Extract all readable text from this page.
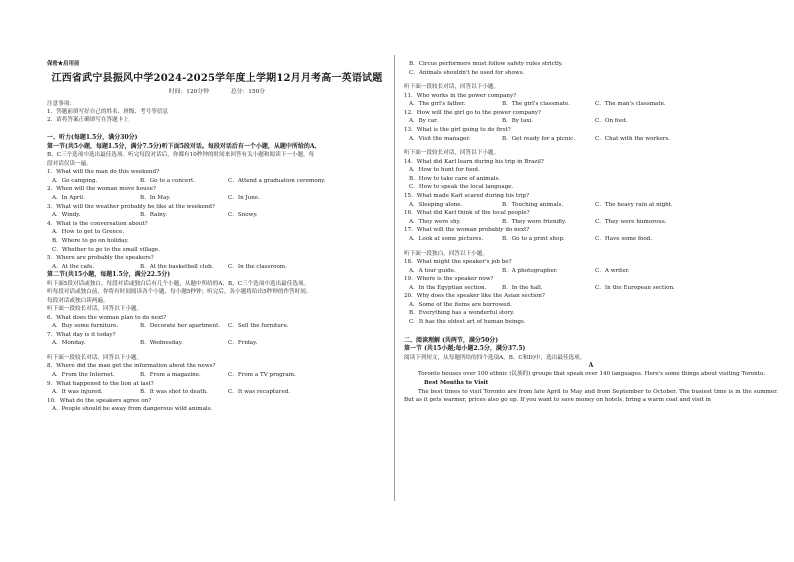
保密★启用前
江西省武宁县振风中学2024-2025学年度上学期12月月考高一英语试题
时间：120分钟	总分：150分
注意事项：
1．答题前填写好自己的姓名、班级、考号等信息
2．请将答案正确填写在答题卡上
一、听力(每题1.5分，满分30分)
第一节(共5小题，每题1.5分，满分7.5分)听下面5段对话。每段对话后有一个小题，从题中所给的A、
B、C三个选项中选出最佳选项。听完每段对话后，你都有10秒钟的时间来回答有关小题和阅读下一小题。每
段对话仅读一遍。
1．What will the man do this weekend?
A．Go camping.	B．Go to a concert.	C．Attend a graduation ceremony.
2．When will the woman move house?
A．In April.	B．In May.	C．In June.
3．What will the weather probably be like at the weekend?
A．Windy.	B．Rainy.	C．Snowy.
4．What is the conversation about?
A．How to get to Greece.
B．Where to go on holiday.
C．Whether to go to the small village.
5．Where are probably the speakers?
A．At the cafe.	B．At the basketball club.	C．In the classroom.
第二节(共15小题，每题1.5分，满分22.5分)
听下面5段对话或独白。每段对话或独白后有几个小题，从题中所给的A、B、C三个选项中选出最佳选项。
听每段对话或独白前，你将有时间阅读各个小题，每小题5秒钟；听完后，各小题将给出5秒钟的作答时间。
每段对话或独白读两遍。
听下面一段较长对话，回答以下小题。
6．What does the woman plan to do next?
A．Buy some furniture.	B．Decorate her apartment.	C．Sell the furniture.
7．What day is it today?
A．Monday.	B．Wednesday.	C．Friday.
听下面一段较长对话，回答以下小题。
8．Where did the man get the information about the news?
A．From the Internet.	B．From a magazine.	C．From a TV program.
9．What happened to the lion at last?
A．It was injured.	B．It was shot to death.	C．It was recaptured.
10．What do the speakers agree on?
A．People should be away from dangerous wild animals.
B．Circus performers must follow safety rules strictly.
C．Animals shouldn't be used for shows.
听下面一段较长对话，回答以下小题。
11．Who works in the power company?
A．The girl's father.	B．The girl's classmate.	C．The man's classmate.
12．How will the girl go to the power company?
A．By car.	B．By taxi.	C．On foot.
13．What is the girl going to do first?
A．Visit the manager.	B．Get ready for a picnic.	C．Chat with the workers.
听下面一段较长对话，回答以下小题。
14．What did Karl learn during his trip in Brazil?
A．How to hunt for food.
B．How to take care of animals.
C．How to speak the local language.
15．What made Karl scared during his trip?
A．Sleeping alone.	B．Touching animals.	C．The heavy rain at night.
16．What did Karl think of the local people?
A．They were shy.	B．They were friendly.	C．They were humorous.
17．What will the woman probably do next?
A．Look at some pictures.	B．Go to a print shop.	C．Have some food.
听下面一段独白，回答以下小题。
18．What might the speaker's job be?
A．A tour guide.	B．A photographer.	C．A writer.
19．Where is the speaker now?
A．In the Egyptian section.	B．In the hall.	C．In the European section.
20．Why does the speaker like the Asian section?
A．Some of the items are borrowed.
B．Everything has a wonderful story.
C．It has the oldest art of human beings.
二、阅读理解 (共两节，满分50分)
第一节 (共15小题;每小题2.5分，满分37.5)
阅读下列短文，从每题所给的四个选项A、B、C和D)中，选出最佳选项。
A
Toronto houses over 100 ethnic (民族的) groups that speak over 140 languages. Here's some things about visiting Toronto.
Best Months to Visit
The best times to visit Toronto are from late April to May and from September to October. The busiest time is in the summer. But as it gets warmer, prices also go up. If you want to save money on hotels, bring a warm coat and visit in
